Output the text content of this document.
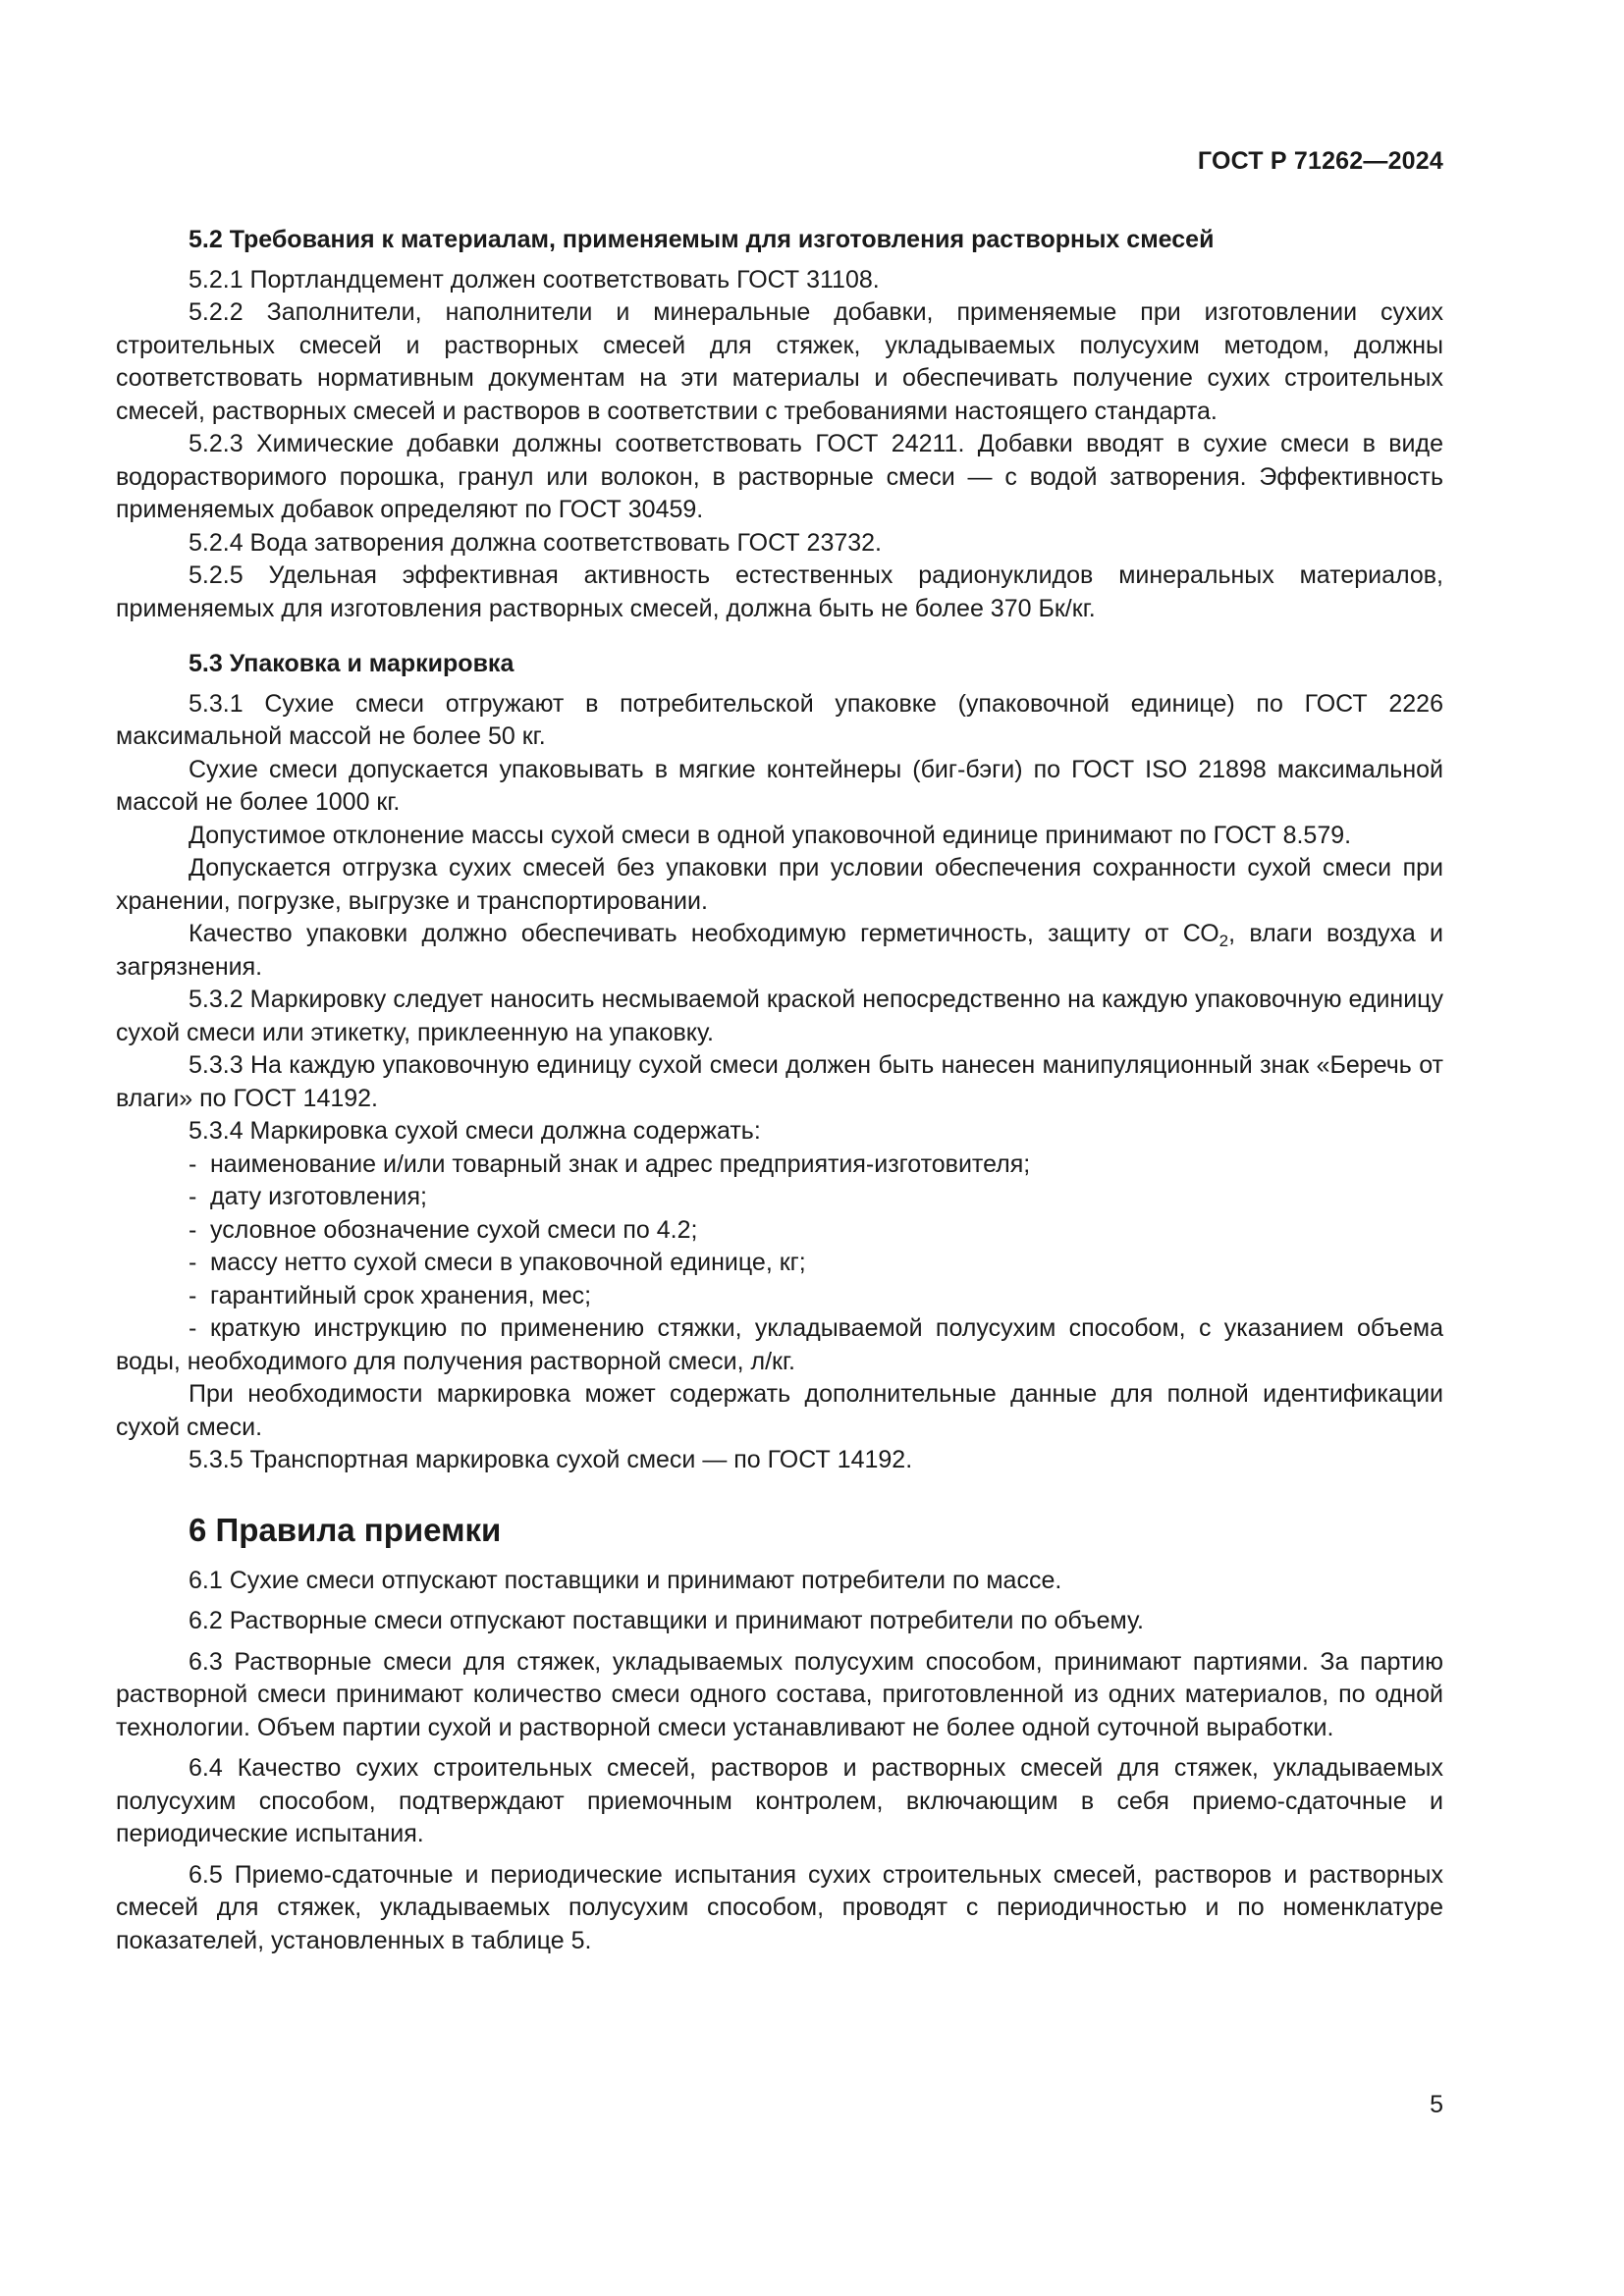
ГОСТ Р 71262—2024
5.2 Требования к материалам, применяемым для изготовления растворных смесей

5.2.1 Портландцемент должен соответствовать ГОСТ 31108.

5.2.2 Заполнители, наполнители и минеральные добавки, применяемые при изготовлении сухих строительных смесей и растворных смесей для стяжек, укладываемых полусухим методом, должны соответствовать нормативным документам на эти материалы и обеспечивать получение сухих строительных смесей, растворных смесей и растворов в соответствии с требованиями настоящего стандарта.

5.2.3 Химические добавки должны соответствовать ГОСТ 24211. Добавки вводят в сухие смеси в виде водорастворимого порошка, гранул или волокон, в растворные смеси — с водой затворения. Эффективность применяемых добавок определяют по ГОСТ 30459.

5.2.4 Вода затворения должна соответствовать ГОСТ 23732.

5.2.5 Удельная эффективная активность естественных радионуклидов минеральных материалов, применяемых для изготовления растворных смесей, должна быть не более 370 Бк/кг.

5.3 Упаковка и маркировка

5.3.1 Сухие смеси отгружают в потребительской упаковке (упаковочной единице) по ГОСТ 2226 максимальной массой не более 50 кг.

Сухие смеси допускается упаковывать в мягкие контейнеры (биг-бэги) по ГОСТ ISO 21898 максимальной массой не более 1000 кг.

Допустимое отклонение массы сухой смеси в одной упаковочной единице принимают по ГОСТ 8.579.

Допускается отгрузка сухих смесей без упаковки при условии обеспечения сохранности сухой смеси при хранении, погрузке, выгрузке и транспортировании.

Качество упаковки должно обеспечивать необходимую герметичность, защиту от $СО_2$, влаги воздуха и загрязнения.

5.3.2 Маркировку следует наносить несмываемой краской непосредственно на каждую упаковочную единицу сухой смеси или этикетку, приклеенную на упаковку.

5.3.3 На каждую упаковочную единицу сухой смеси должен быть нанесен манипуляционный знак «Беречь от влаги» по ГОСТ 14192.

5.3.4 Маркировка сухой смеси должна содержать:

- наименование и/или товарный знак и адрес предприятия-изготовителя;
- дату изготовления;
- условное обозначение сухой смеси по 4.2;
- массу нетто сухой смеси в упаковочной единице, кг;
- гарантийный срок хранения, мес;
- краткую инструкцию по применению стяжки, укладываемой полусухим способом, с указанием объема воды, необходимого для получения растворной смеси, л/кг.

При необходимости маркировка может содержать дополнительные данные для полной идентификации сухой смеси.

5.3.5 Транспортная маркировка сухой смеси — по ГОСТ 14192.

6 Правила приемки

6.1 Сухие смеси отпускают поставщики и принимают потребители по массе.

6.2 Растворные смеси отпускают поставщики и принимают потребители по объему.

6.3 Растворные смеси для стяжек, укладываемых полусухим способом, принимают партиями. За партию растворной смеси принимают количество смеси одного состава, приготовленной из одних материалов, по одной технологии. Объем партии сухой и растворной смеси устанавливают не более одной суточной выработки.

6.4 Качество сухих строительных смесей, растворов и растворных смесей для стяжек, укладываемых полусухим способом, подтверждают приемочным контролем, включающим в себя приемо-сдаточные и периодические испытания.

6.5 Приемо-сдаточные и периодические испытания сухих строительных смесей, растворов и растворных смесей для стяжек, укладываемых полусухим способом, проводят с периодичностью и по номенклатуре показателей, установленных в таблице 5.

5
